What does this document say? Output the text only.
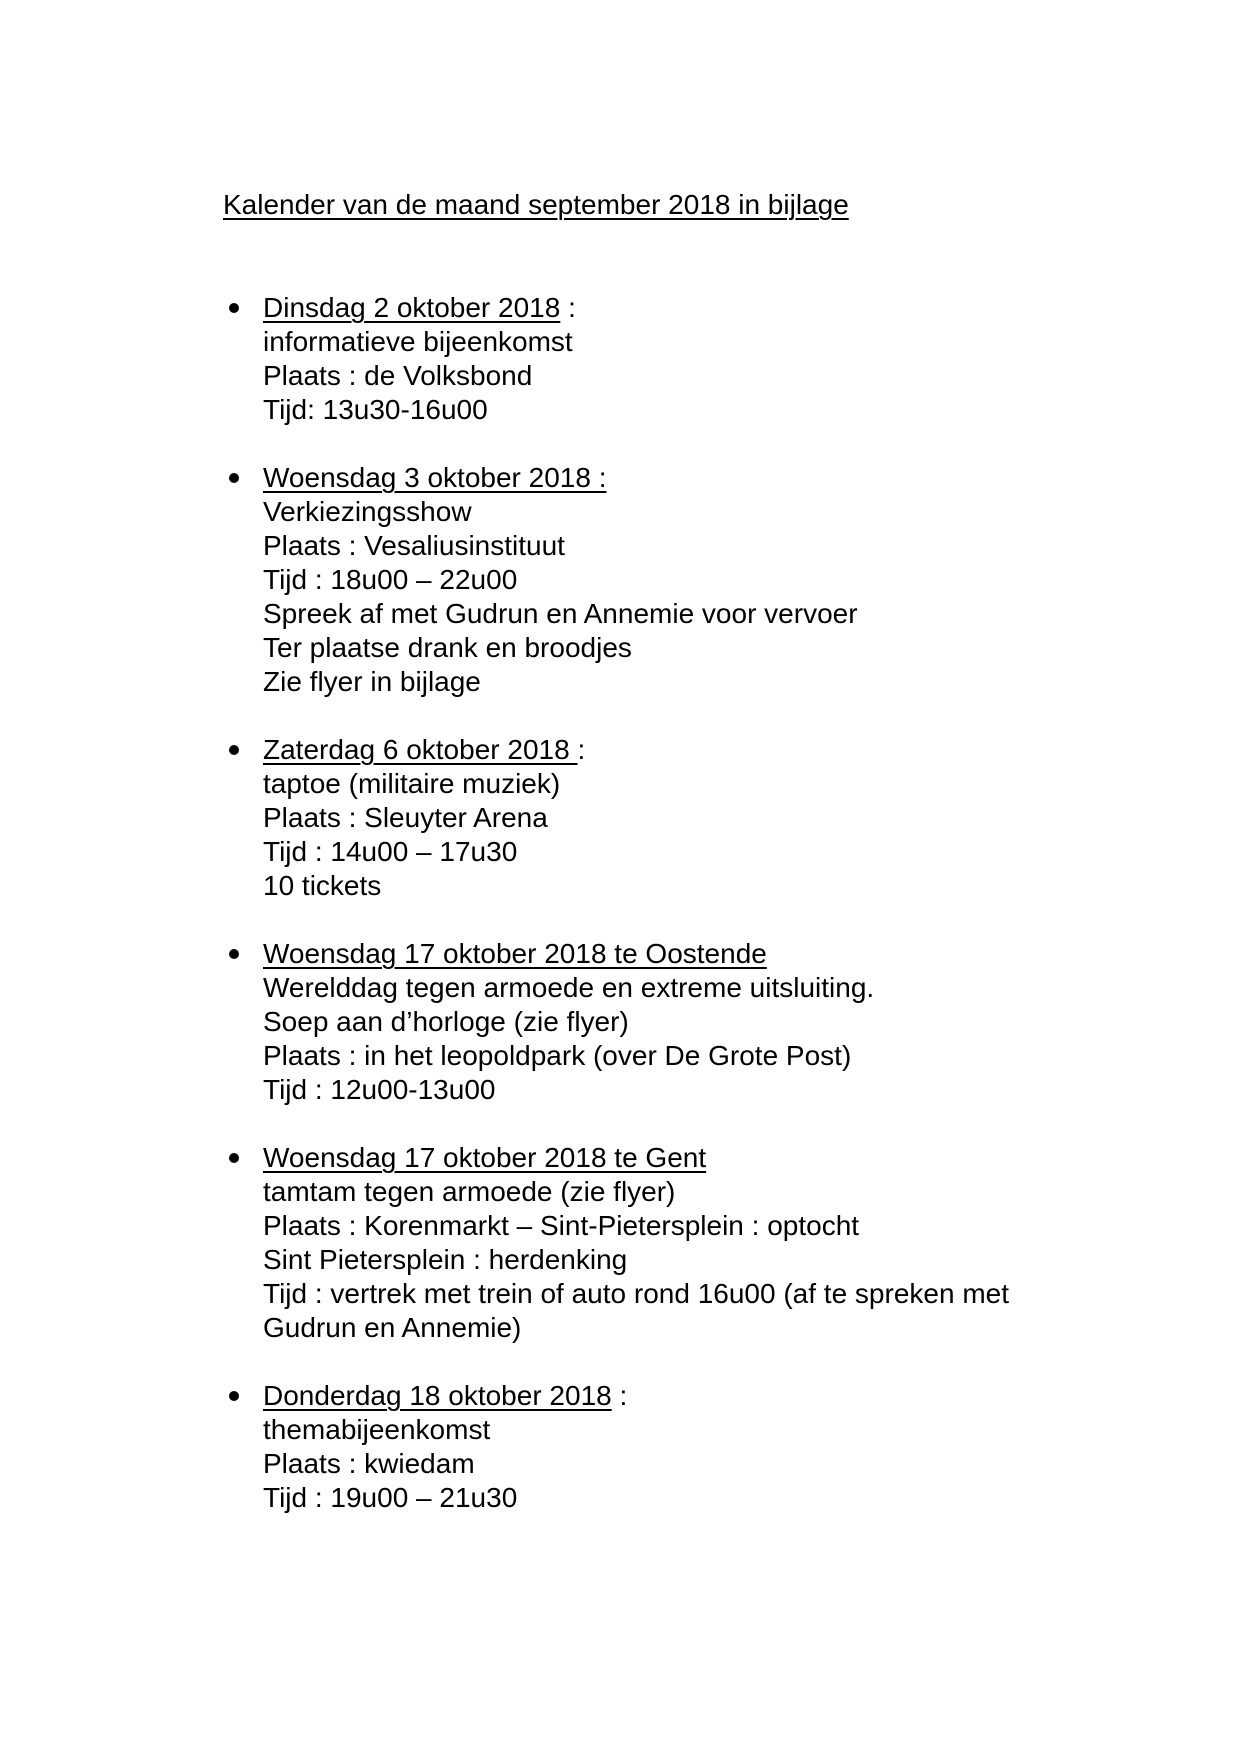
Kalender van de maand september 2018 in bijlage
Dinsdag 2 oktober 2018 :
informatieve bijeenkomst
Plaats : de Volksbond
Tijd: 13u30-16u00
Woensdag 3 oktober 2018 :
Verkiezingsshow
Plaats : Vesaliusinstituut
Tijd : 18u00 – 22u00
Spreek af met Gudrun en Annemie voor vervoer
Ter plaatse drank en broodjes
Zie flyer in bijlage
Zaterdag 6 oktober 2018 :
taptoe (militaire muziek)
Plaats : Sleuyter Arena
Tijd : 14u00 – 17u30
10 tickets
Woensdag 17 oktober 2018 te Oostende
Werelddag tegen armoede en extreme uitsluiting.
Soep aan d’horloge (zie flyer)
Plaats : in het leopoldpark (over De Grote Post)
Tijd : 12u00-13u00
Woensdag 17 oktober 2018 te Gent
tamtam tegen armoede (zie flyer)
Plaats : Korenmarkt – Sint-Pietersplein : optocht
Sint Pietersplein : herdenking
Tijd : vertrek met trein of auto rond 16u00 (af te spreken met
Gudrun en Annemie)
Donderdag 18 oktober 2018 :
themabijeenkomst
Plaats : kwiedam
Tijd : 19u00 – 21u30
